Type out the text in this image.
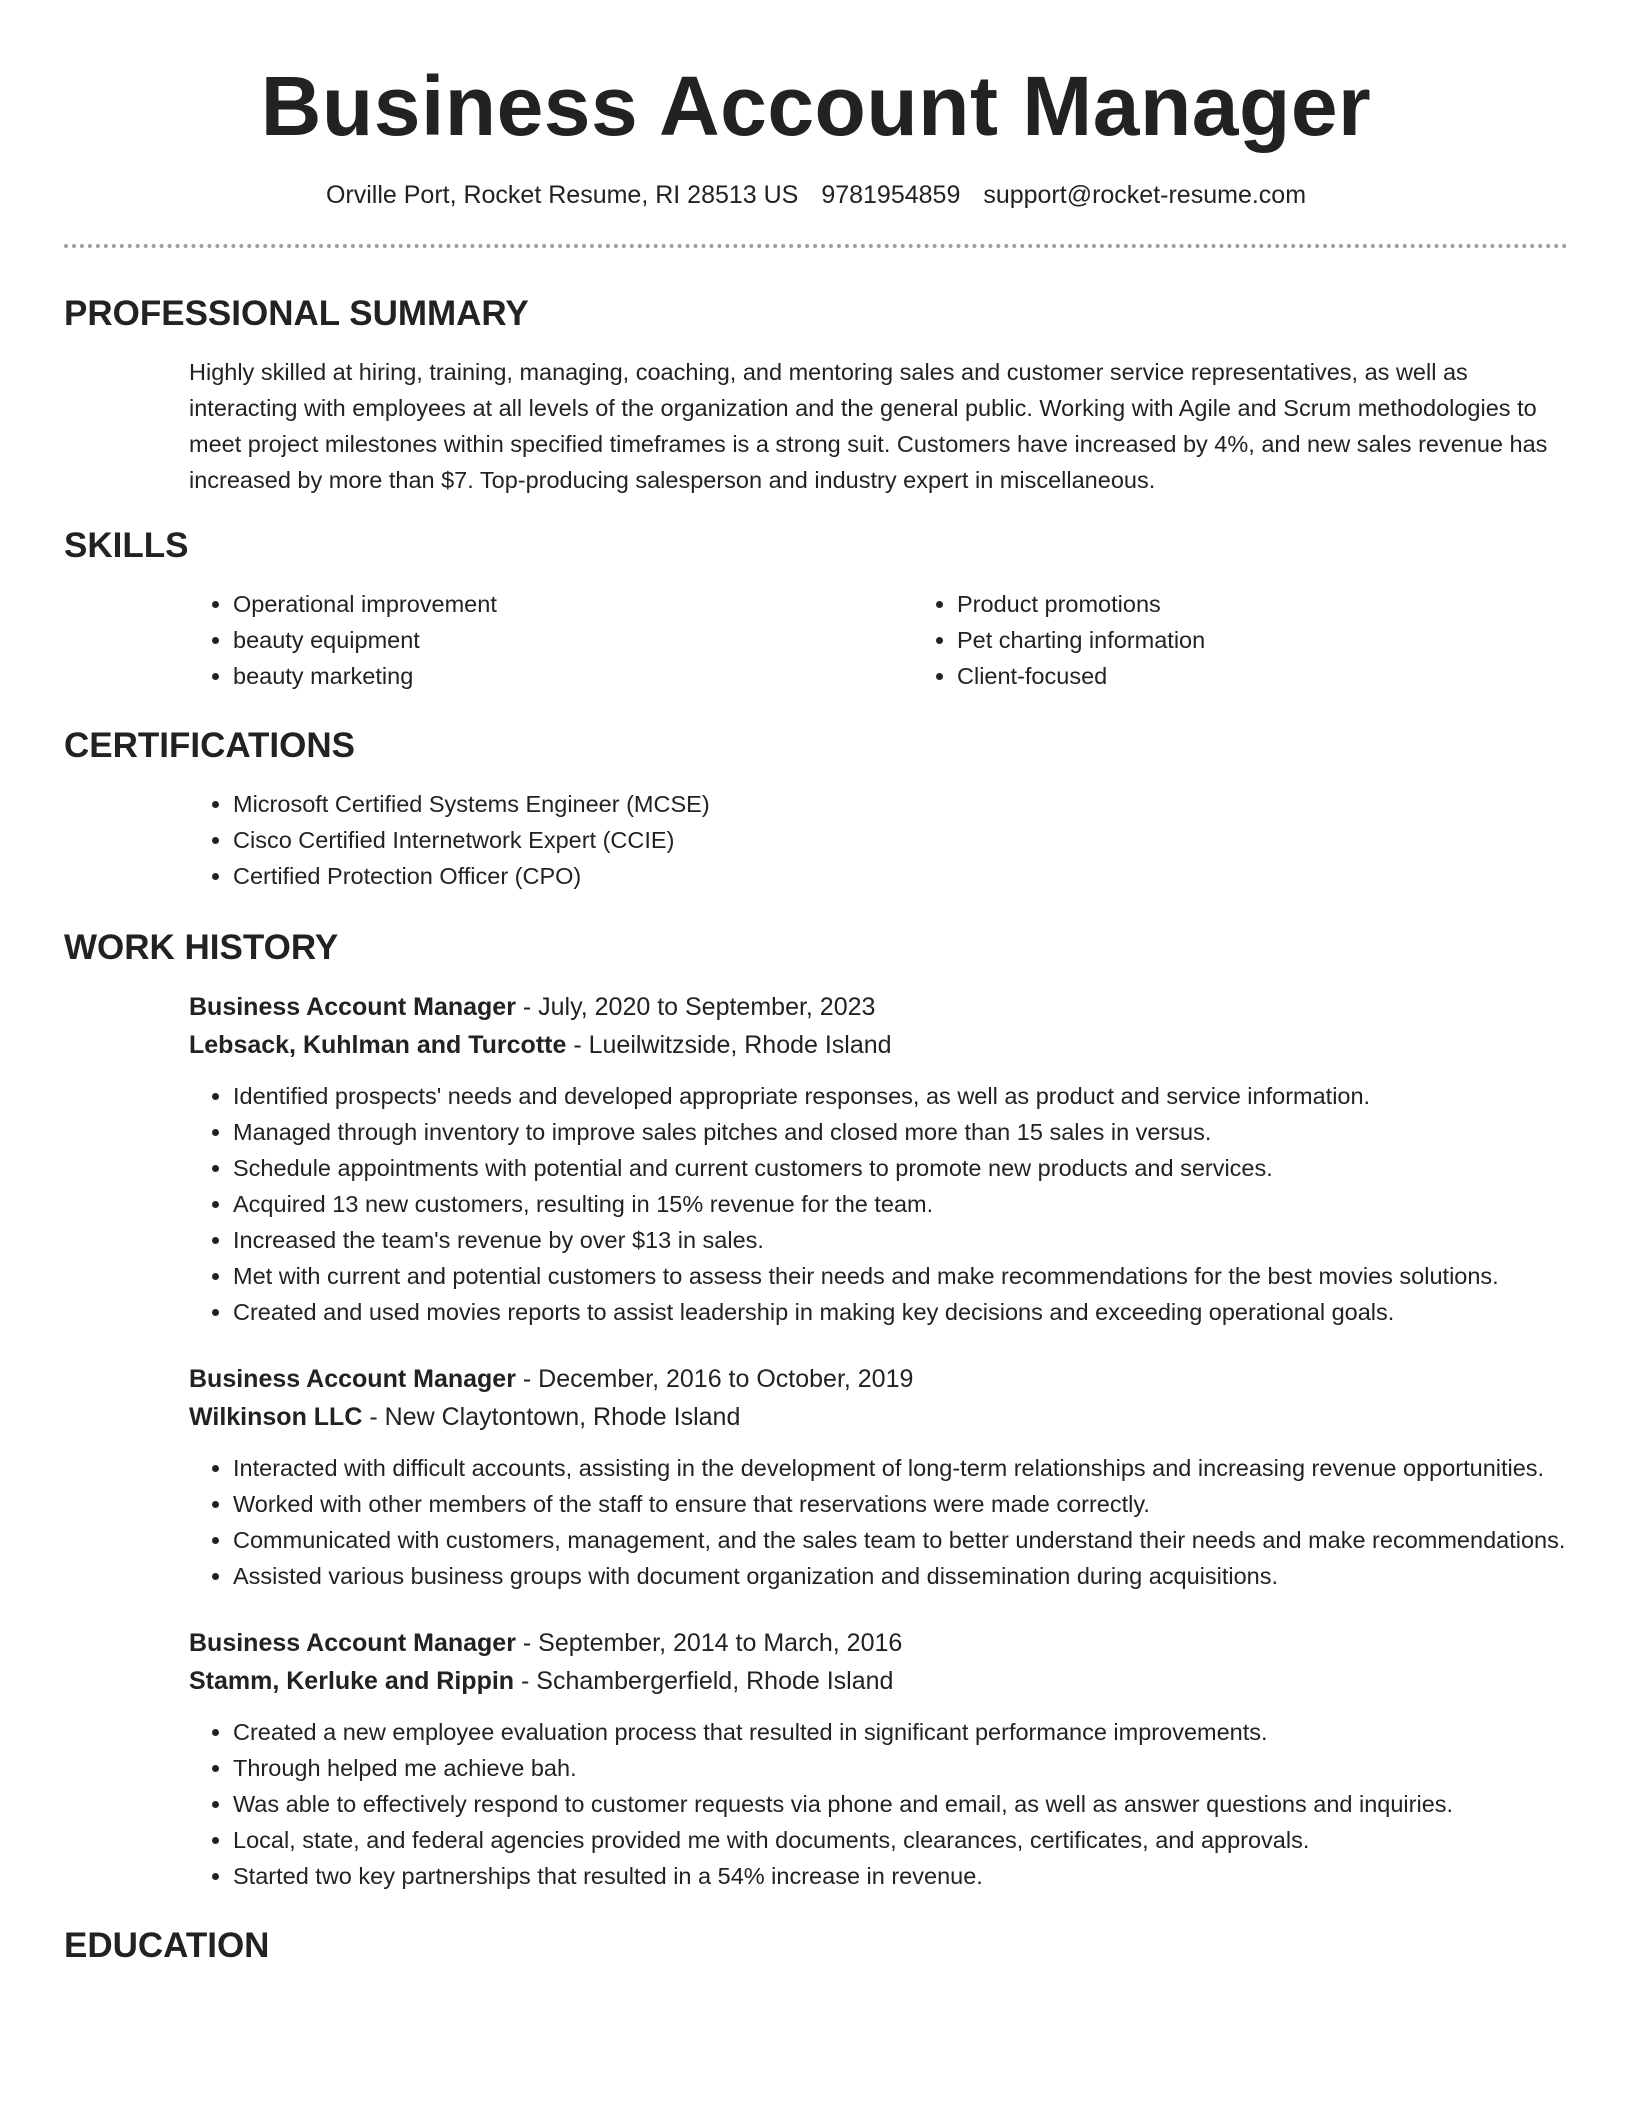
Business Account Manager
Orville Port, Rocket Resume, RI 28513 US 9781954859 support@rocket-resume.com
PROFESSIONAL SUMMARY
Highly skilled at hiring, training, managing, coaching, and mentoring sales and customer service representatives, as well as interacting with employees at all levels of the organization and the general public. Working with Agile and Scrum methodologies to meet project milestones within specified timeframes is a strong suit. Customers have increased by 4%, and new sales revenue has increased by more than $7. Top-producing salesperson and industry expert in miscellaneous.
SKILLS
• Operational improvement
• beauty equipment
• beauty marketing
• Product promotions
• Pet charting information
• Client-focused
CERTIFICATIONS
• Microsoft Certified Systems Engineer (MCSE)
• Cisco Certified Internetwork Expert (CCIE)
• Certified Protection Officer (CPO)
WORK HISTORY
Business Account Manager - July, 2020 to September, 2023
Lebsack, Kuhlman and Turcotte - Lueilwitzside, Rhode Island
• Identified prospects' needs and developed appropriate responses, as well as product and service information.
• Managed through inventory to improve sales pitches and closed more than 15 sales in versus.
• Schedule appointments with potential and current customers to promote new products and services.
• Acquired 13 new customers, resulting in 15% revenue for the team.
• Increased the team's revenue by over $13 in sales.
• Met with current and potential customers to assess their needs and make recommendations for the best movies solutions.
• Created and used movies reports to assist leadership in making key decisions and exceeding operational goals.
Business Account Manager - December, 2016 to October, 2019
Wilkinson LLC - New Claytontown, Rhode Island
• Interacted with difficult accounts, assisting in the development of long-term relationships and increasing revenue opportunities.
• Worked with other members of the staff to ensure that reservations were made correctly.
• Communicated with customers, management, and the sales team to better understand their needs and make recommendations.
• Assisted various business groups with document organization and dissemination during acquisitions.
Business Account Manager - September, 2014 to March, 2016
Stamm, Kerluke and Rippin - Schambergerfield, Rhode Island
• Created a new employee evaluation process that resulted in significant performance improvements.
• Through helped me achieve bah.
• Was able to effectively respond to customer requests via phone and email, as well as answer questions and inquiries.
• Local, state, and federal agencies provided me with documents, clearances, certificates, and approvals.
• Started two key partnerships that resulted in a 54% increase in revenue.
EDUCATION
